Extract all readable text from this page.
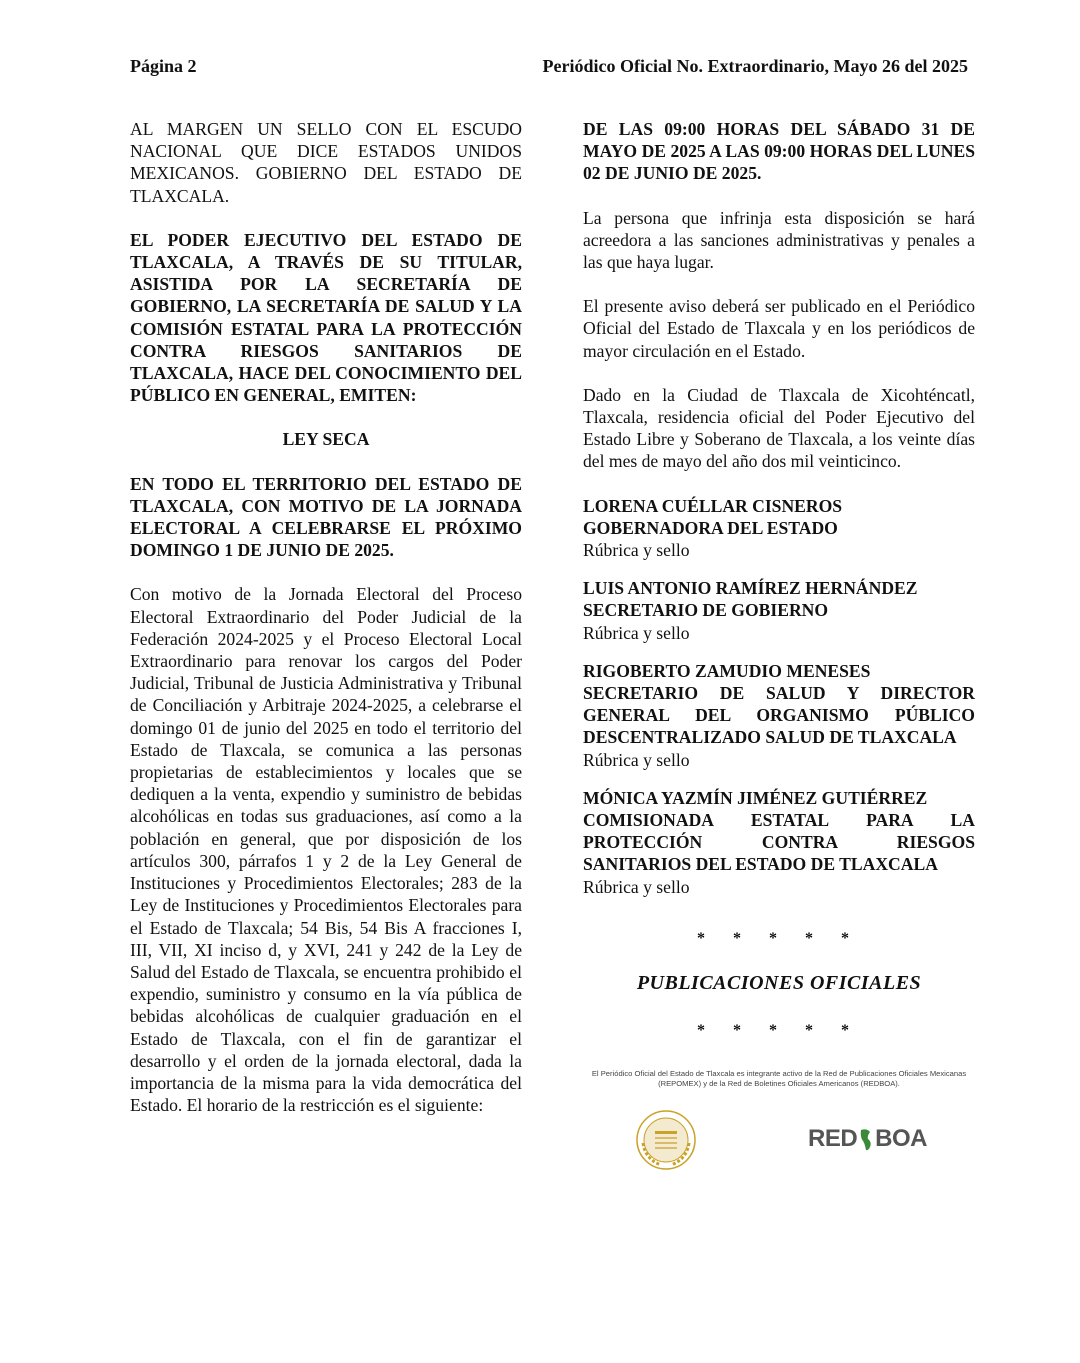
Página 2	Periódico Oficial No. Extraordinario, Mayo 26 del 2025

AL MARGEN UN SELLO CON EL ESCUDO NACIONAL QUE DICE ESTADOS UNIDOS MEXICANOS. GOBIERNO DEL ESTADO DE TLAXCALA.

EL PODER EJECUTIVO DEL ESTADO DE TLAXCALA, A TRAVÉS DE SU TITULAR, ASISTIDA POR LA SECRETARÍA DE GOBIERNO, LA SECRETARÍA DE SALUD Y LA COMISIÓN ESTATAL PARA LA PROTECCIÓN CONTRA RIESGOS SANITARIOS DE TLAXCALA, HACE DEL CONOCIMIENTO DEL PÚBLICO EN GENERAL, EMITEN:

LEY SECA

EN TODO EL TERRITORIO DEL ESTADO DE TLAXCALA, CON MOTIVO DE LA JORNADA ELECTORAL A CELEBRARSE EL PRÓXIMO DOMINGO 1 DE JUNIO DE 2025.

Con motivo de la Jornada Electoral del Proceso Electoral Extraordinario del Poder Judicial de la Federación 2024-2025 y el Proceso Electoral Local Extraordinario para renovar los cargos del Poder Judicial, Tribunal de Justicia Administrativa y Tribunal de Conciliación y Arbitraje 2024-2025, a celebrarse el domingo 01 de junio del 2025 en todo el territorio del Estado de Tlaxcala, se comunica a las personas propietarias de establecimientos y locales que se dediquen a la venta, expendio y suministro de bebidas alcohólicas en todas sus graduaciones, así como a la población en general, que por disposición de los artículos 300, párrafos 1 y 2 de la Ley General de Instituciones y Procedimientos Electorales; 283 de la Ley de Instituciones y Procedimientos Electorales para el Estado de Tlaxcala; 54 Bis, 54 Bis A fracciones I, III, VII, XI inciso d, y XVI, 241 y 242 de la Ley de Salud del Estado de Tlaxcala, se encuentra prohibido el expendio, suministro y consumo en la vía pública de bebidas alcohólicas de cualquier graduación en el Estado de Tlaxcala, con el fin de garantizar el desarrollo y el orden de la jornada electoral, dada la importancia de la misma para la vida democrática del Estado. El horario de la restricción es el siguiente:

DE LAS 09:00 HORAS DEL SÁBADO 31 DE MAYO DE 2025 A LAS 09:00 HORAS DEL LUNES 02 DE JUNIO DE 2025.

La persona que infrinja esta disposición se hará acreedora a las sanciones administrativas y penales a las que haya lugar.

El presente aviso deberá ser publicado en el Periódico Oficial del Estado de Tlaxcala y en los periódicos de mayor circulación en el Estado.

Dado en la Ciudad de Tlaxcala de Xicohténcatl, Tlaxcala, residencia oficial del Poder Ejecutivo del Estado Libre y Soberano de Tlaxcala, a los veinte días del mes de mayo del año dos mil veinticinco.

LORENA CUÉLLAR CISNEROS
GOBERNADORA DEL ESTADO
Rúbrica y sello
LUIS ANTONIO RAMÍREZ HERNÁNDEZ
SECRETARIO DE GOBIERNO
Rúbrica y sello
RIGOBERTO ZAMUDIO MENESES
SECRETARIO DE SALUD Y DIRECTOR GENERAL DEL ORGANISMO PÚBLICO DESCENTRALIZADO SALUD DE TLAXCALA
Rúbrica y sello
MÓNICA YAZMÍN JIMÉNEZ GUTIÉRREZ
COMISIONADA ESTATAL PARA LA PROTECCIÓN CONTRA RIESGOS SANITARIOS DEL ESTADO DE TLAXCALA
Rúbrica y sello
* * * * *
PUBLICACIONES OFICIALES
* * * * *
El Periódico Oficial del Estado de Tlaxcala es integrante activo de la Red de Publicaciones Oficiales Mexicanas (REPOMEX) y de la Red de Boletines Oficiales Americanos (REDBOA).
RED BOA
